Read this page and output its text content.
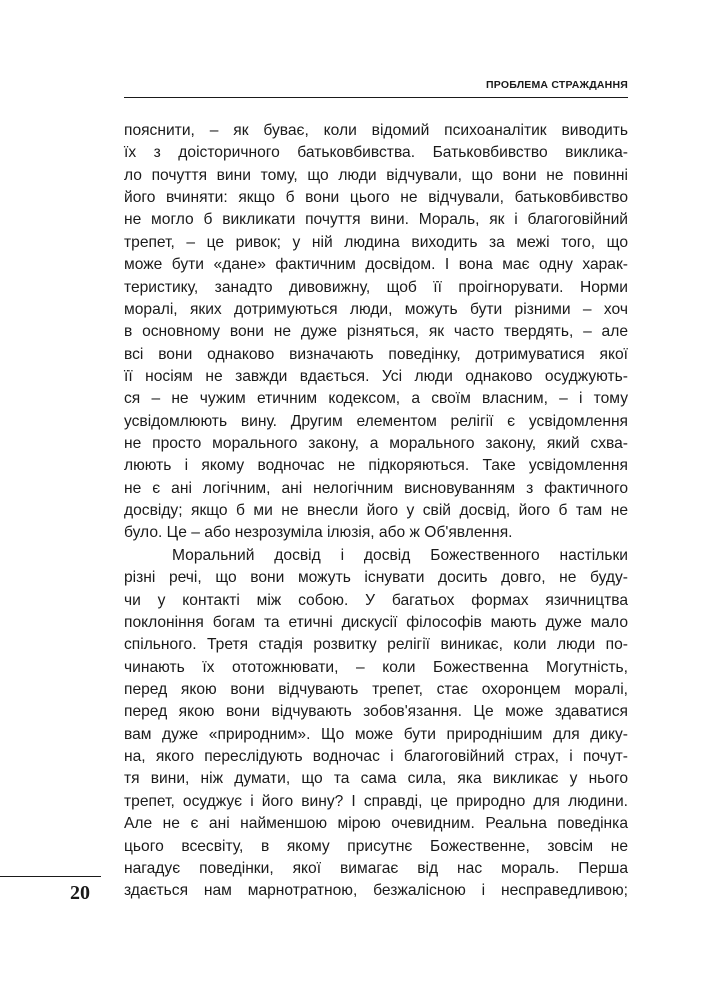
ПРОБЛЕМА СТРАЖДАННЯ

пояснити, – як буває, коли відомий психоаналітик виводить
їх з доісторичного батьковбивства. Батьковбивство виклика-
ло почуття вини тому, що люди відчували, що вони не повинні
його вчиняти: якщо б вони цього не відчували, батьковбивство
не могло б викликати почуття вини. Мораль, як і благоговійний
трепет, – це ривок; у ній людина виходить за межі того, що
може бути «дане» фактичним досвідом. І вона має одну харак-
теристику, занадто дивовижну, щоб її проігнорувати. Норми
моралі, яких дотримуються люди, можуть бути різними – хоч
в основному вони не дуже різняться, як часто твердять, – але
всі вони однаково визначають поведінку, дотримуватися якої
її носіям не завжди вдається. Усі люди однаково осуджують-
ся – не чужим етичним кодексом, а своїм власним, – і тому
усвідомлюють вину. Другим елементом релігії є усвідомлення
не просто морального закону, а морального закону, який схва-
люють і якому водночас не підкоряються. Таке усвідомлення
не є ані логічним, ані нелогічним висновуванням з фактичного
досвіду; якщо б ми не внесли його у свій досвід, його б там не
було. Це – або незрозуміла ілюзія, або ж Об'явлення.

Моральний досвід і досвід Божественного настільки
різні речі, що вони можуть існувати досить довго, не буду-
чи у контакті між собою. У багатьох формах язичництва
поклоніння богам та етичні дискусії філософів мають дуже мало
спільного. Третя стадія розвитку релігії виникає, коли люди по-
чинають їх ототожнювати, – коли Божественна Могутність,
перед якою вони відчувають трепет, стає охоронцем моралі,
перед якою вони відчувають зобов'язання. Це може здаватися
вам дуже «природним». Що може бути природнішим для дику-
на, якого переслідують водночас і благоговійний страх, і почут-
тя вини, ніж думати, що та сама сила, яка викликає у нього
трепет, осуджує і його вину? І справді, це природно для людини.
Але не є ані найменшою мірою очевидним. Реальна поведінка
цього всесвіту, в якому присутнє Божественне, зовсім не
нагадує поведінки, якої вимагає від нас мораль. Перша
здається нам марнотратною, безжалісною і несправедливою;

20
